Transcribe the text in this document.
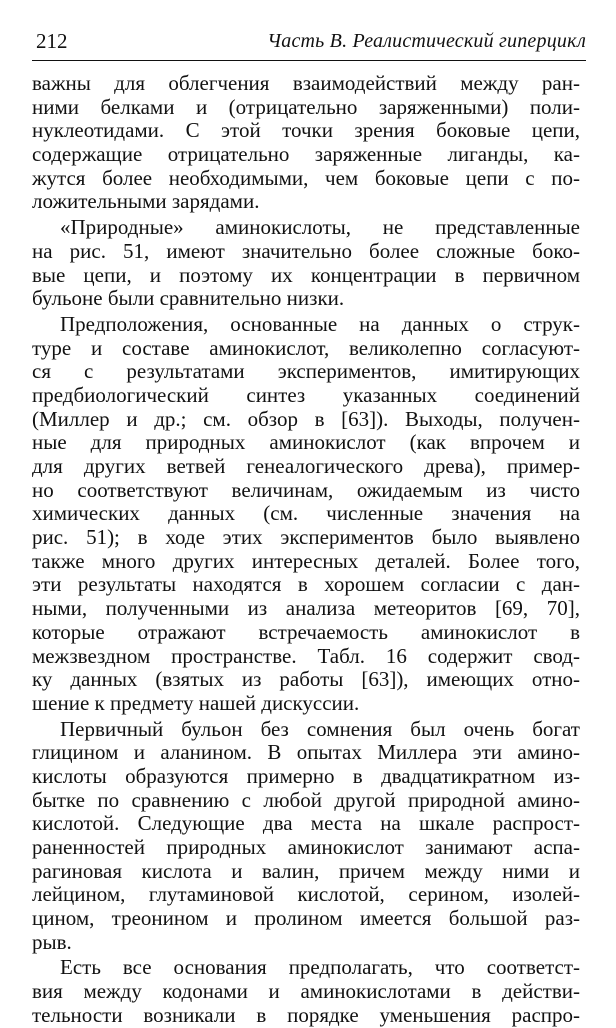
212	Часть В. Реалистический гиперцикл
важны для облегчения взаимодействий между ран-
ними белками и (отрицательно заряженными) поли-
нуклеотидами. С этой точки зрения боковые цепи,
содержащие отрицательно заряженные лиганды, ка-
жутся более необходимыми, чем боковые цепи с по-
ложительными зарядами.
«Природные» аминокислоты, не представленные
на рис. 51, имеют значительно более сложные боко-
вые цепи, и поэтому их концентрации в первичном
бульоне были сравнительно низки.
Предположения, основанные на данных о струк-
туре и составе аминокислот, великолепно согласуют-
ся с результатами экспериментов, имитирующих
предбиологический синтез указанных соединений
(Миллер и др.; см. обзор в [63]). Выходы, получен-
ные для природных аминокислот (как впрочем и
для других ветвей генеалогического древа), пример-
но соответствуют величинам, ожидаемым из чисто
химических данных (см. численные значения на
рис. 51); в ходе этих экспериментов было выявлено
также много других интересных деталей. Более того,
эти результаты находятся в хорошем согласии с дан-
ными, полученными из анализа метеоритов [69, 70],
которые отражают встречаемость аминокислот в
межзвездном пространстве. Табл. 16 содержит свод-
ку данных (взятых из работы [63]), имеющих отно-
шение к предмету нашей дискуссии.
Первичный бульон без сомнения был очень богат
глицином и аланином. В опытах Миллера эти амино-
кислоты образуются примерно в двадцатикратном из-
бытке по сравнению с любой другой природной амино-
кислотой. Следующие два места на шкале распрост-
раненностей природных аминокислот занимают аспа-
рагиновая кислота и валин, причем между ними и
лейцином, глутаминовой кислотой, серином, изолей-
цином, треонином и пролином имеется большой раз-
рыв.
Есть все основания предполагать, что соответст-
вия между кодонами и аминокислотами в действи-
тельности возникали в порядке уменьшения распро-
